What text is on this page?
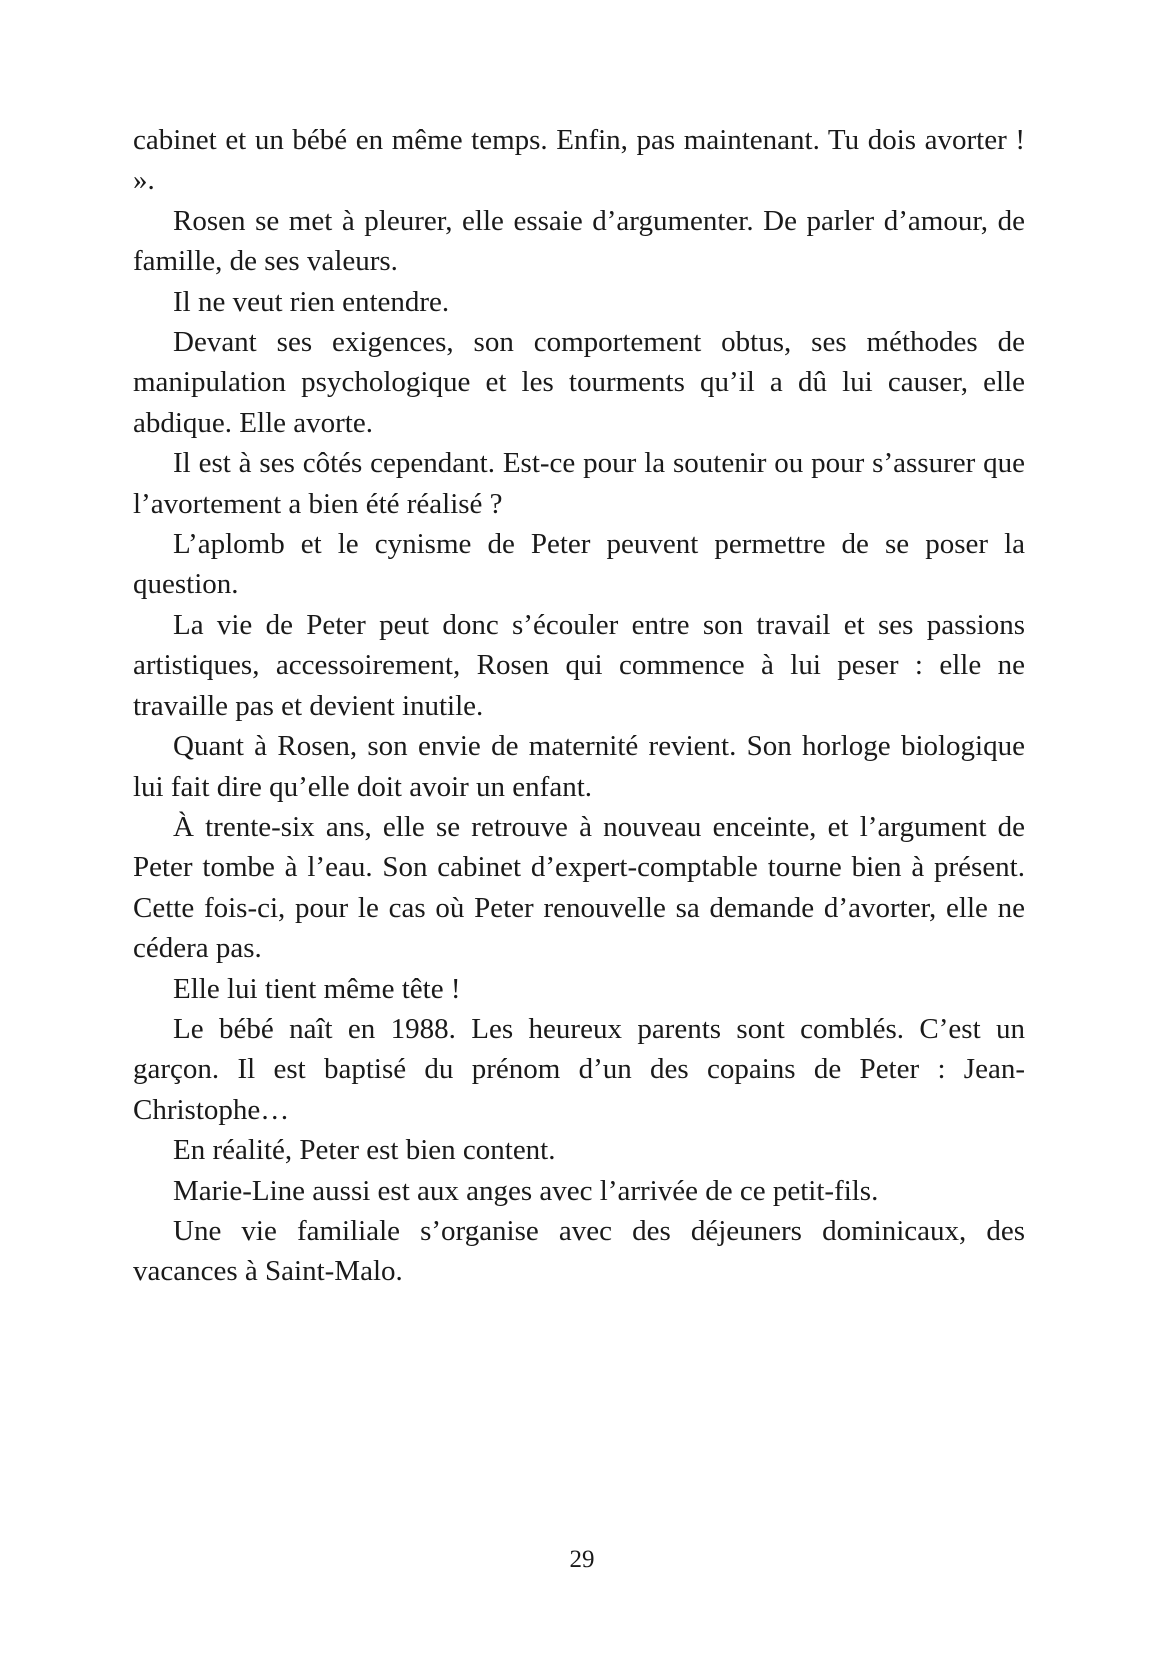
cabinet et un bébé en même temps. Enfin, pas maintenant. Tu dois avorter ! ».

Rosen se met à pleurer, elle essaie d’argumenter. De parler d’amour, de famille, de ses valeurs.

Il ne veut rien entendre.

Devant ses exigences, son comportement obtus, ses méthodes de manipulation psychologique et les tourments qu’il a dû lui causer, elle abdique. Elle avorte.

Il est à ses côtés cependant. Est-ce pour la soutenir ou pour s’assurer que l’avortement a bien été réalisé ?

L’aplomb et le cynisme de Peter peuvent permettre de se poser la question.

La vie de Peter peut donc s’écouler entre son travail et ses passions artistiques, accessoirement, Rosen qui commence à lui peser : elle ne travaille pas et devient inutile.

Quant à Rosen, son envie de maternité revient. Son horloge biologique lui fait dire qu’elle doit avoir un enfant.

À trente-six ans, elle se retrouve à nouveau enceinte, et l’argument de Peter tombe à l’eau. Son cabinet d’expert-comptable tourne bien à présent. Cette fois-ci, pour le cas où Peter renouvelle sa demande d’avorter, elle ne cédera pas.

Elle lui tient même tête !

Le bébé naît en 1988. Les heureux parents sont comblés. C’est un garçon. Il est baptisé du prénom d’un des copains de Peter : Jean-Christophe…

En réalité, Peter est bien content.

Marie-Line aussi est aux anges avec l’arrivée de ce petit-fils.

Une vie familiale s’organise avec des déjeuners dominicaux, des vacances à Saint-Malo.

29
